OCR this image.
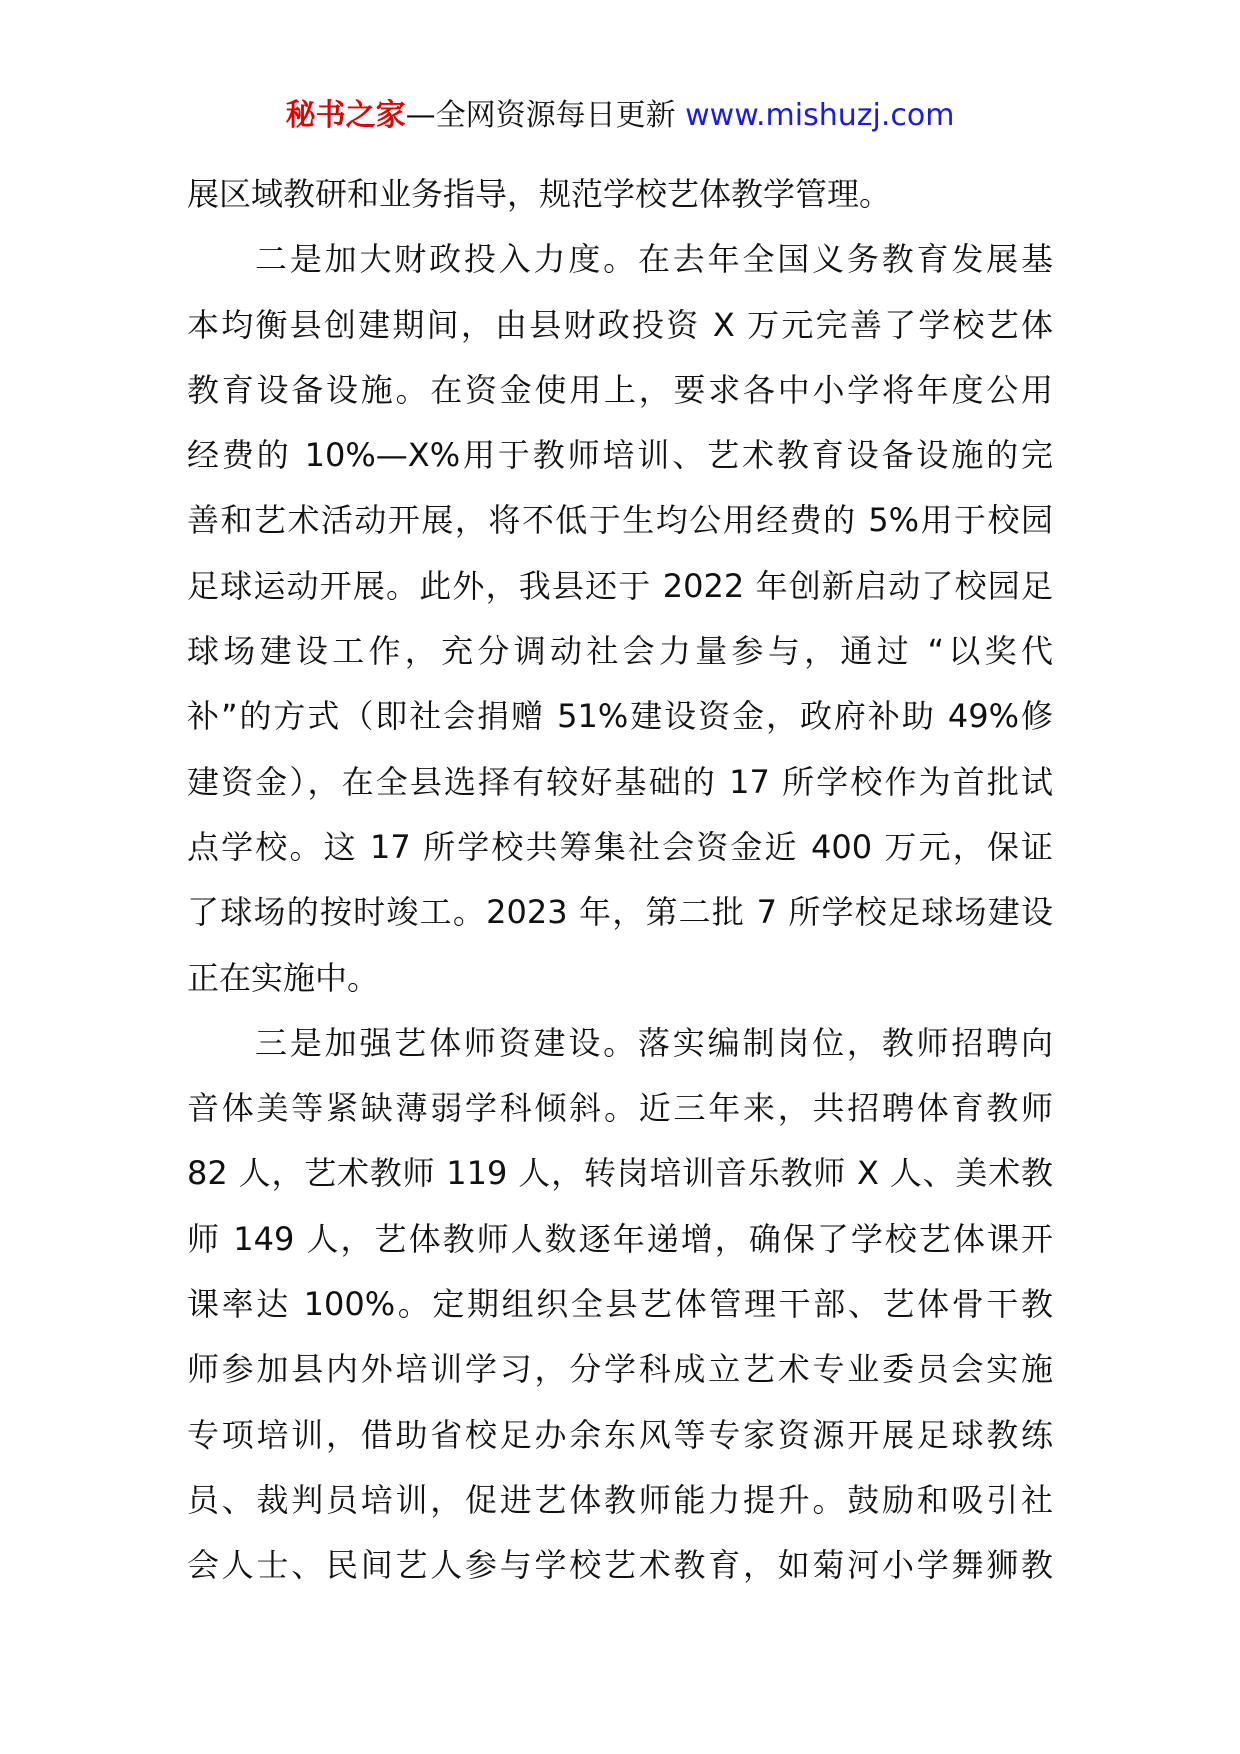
秘书之家—全网资源每日更新 www.mishuzj.com
展区域教研和业务指导，规范学校艺体教学管理。
二是加大财政投入力度。在去年全国义务教育发展基
本均衡县创建期间，由县财政投资 X 万元完善了学校艺体
教育设备设施。在资金使用上，要求各中小学将年度公用
经费的 10%—X%用于教师培训、艺术教育设备设施的完
善和艺术活动开展，将不低于生均公用经费的 5%用于校园
足球运动开展。此外，我县还于 2022 年创新启动了校园足
球场建设工作，充分调动社会力量参与，通过 “以奖代
补”的方式（即社会捐赠 51%建设资金，政府补助 49%修
建资金），在全县选择有较好基础的 17 所学校作为首批试
点学校。这 17 所学校共筹集社会资金近 400 万元，保证
了球场的按时竣工。2023 年，第二批 7 所学校足球场建设
正在实施中。
三是加强艺体师资建设。落实编制岗位，教师招聘向
音体美等紧缺薄弱学科倾斜。近三年来，共招聘体育教师
82 人，艺术教师 119 人，转岗培训音乐教师 X 人、美术教
师 149 人，艺体教师人数逐年递增，确保了学校艺体课开
课率达 100%。定期组织全县艺体管理干部、艺体骨干教
师参加县内外培训学习，分学科成立艺术专业委员会实施
专项培训，借助省校足办余东风等专家资源开展足球教练
员、裁判员培训，促进艺体教师能力提升。鼓励和吸引社
会人士、民间艺人参与学校艺术教育，如菊河小学舞狮教
